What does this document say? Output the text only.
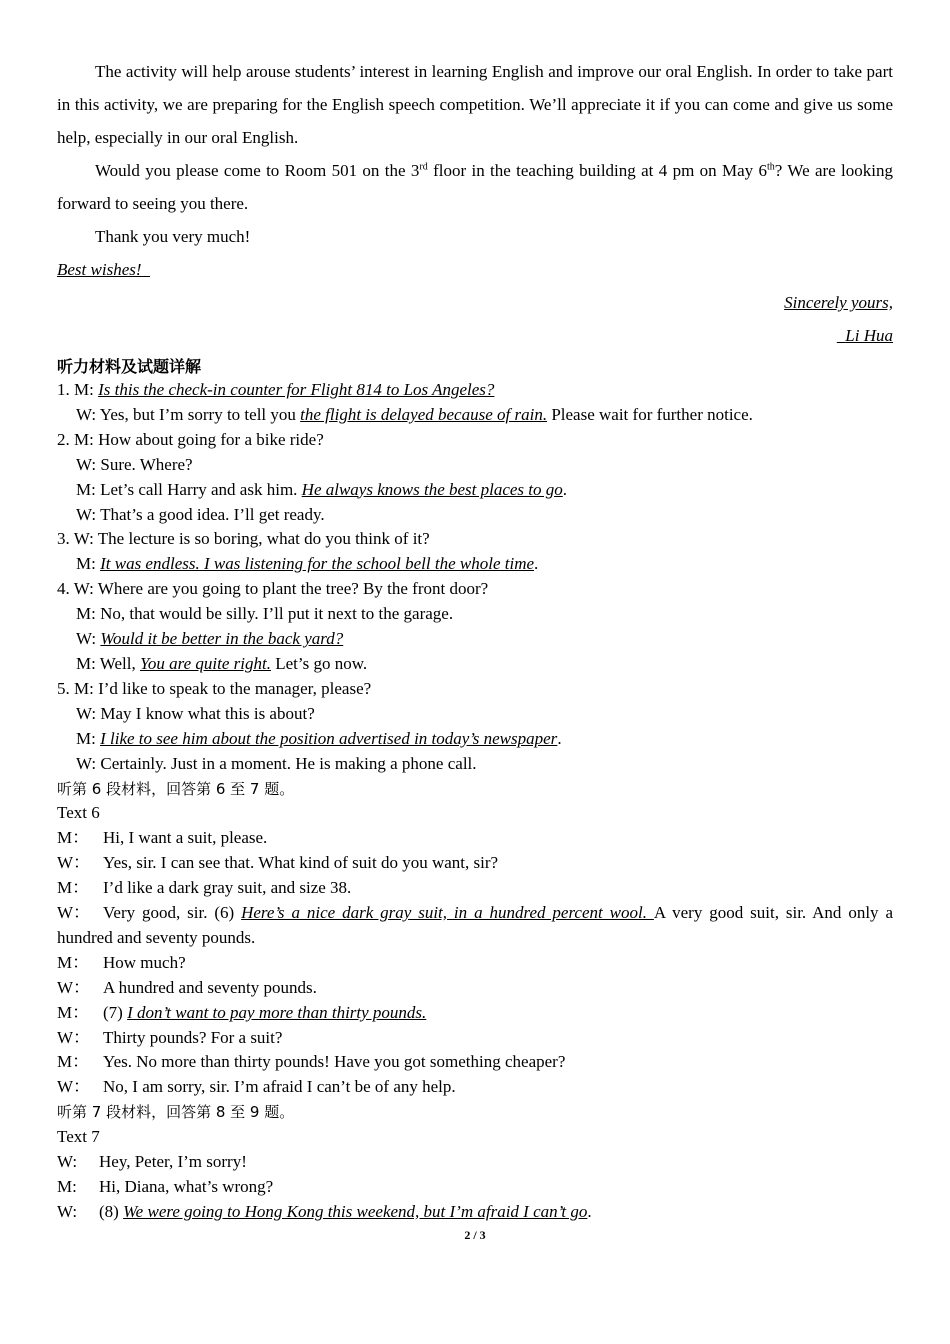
The activity will help arouse students’ interest in learning English and improve our oral English. In order to take part in this activity, we are preparing for the English speech competition. We’ll appreciate it if you can come and give us some help, especially in our oral English.

Would you please come to Room 501 on the 3rd floor in the teaching building at 4 pm on May 6th? We are looking forward to seeing you there.

Thank you very much!

Best wishes!

Sincerely yours,
Li Hua
听力材料及试题详解
1. M: Is this the check-in counter for Flight 814 to Los Angeles?
W: Yes, but I’m sorry to tell you the flight is delayed because of rain. Please wait for further notice.
2. M: How about going for a bike ride?
W: Sure. Where?
M: Let’s call Harry and ask him. He always knows the best places to go.
W: That’s a good idea. I’ll get ready.
3. W: The lecture is so boring, what do you think of it?
M: It was endless. I was listening for the school bell the whole time.
4. W: Where are you going to plant the tree? By the front door?
M: No, that would be silly. I’ll put it next to the garage.
W: Would it be better in the back yard?
M: Well, You are quite right. Let’s go now.
5. M: I’d like to speak to the manager, please?
W: May I know what this is about?
M: I like to see him about the position advertised in today’s newspaper.
W: Certainly. Just in a moment. He is making a phone call.
听第 6 段材料，回答第 6 至 7 题。
Text 6
M： Hi, I want a suit, please.
W： Yes, sir. I can see that. What kind of suit do you want, sir?
M： I’d like a dark gray suit, and size 38.
W： Very good, sir. (6) Here’s a nice dark gray suit, in a hundred percent wool. A very good suit, sir. And only a hundred and seventy pounds.
M： How much?
W： A hundred and seventy pounds.
M： (7) I don’t want to pay more than thirty pounds.
W： Thirty pounds? For a suit?
M： Yes. No more than thirty pounds! Have you got something cheaper?
W： No, I am sorry, sir. I’m afraid I can’t be of any help.
听第 7 段材料，回答第 8 至 9 题。
Text 7
W: Hey, Peter, I’m sorry!
M: Hi, Diana, what’s wrong?
W: (8) We were going to Hong Kong this weekend, but I’m afraid I can’t go.
2 / 3
